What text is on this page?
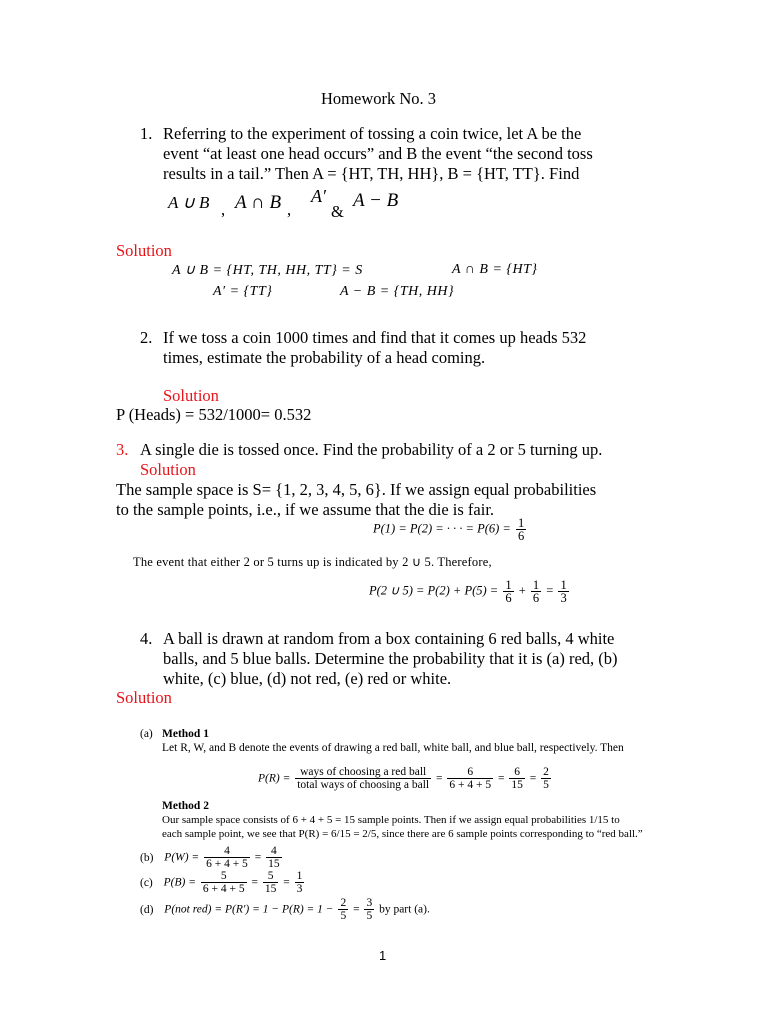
Homework No. 3
1. Referring to the experiment of tossing a coin twice, let A be the
event “at least one head occurs” and B the event “the second toss
results in a tail.” Then A = {HT, TH, HH}, B = {HT, TT}. Find
A ∪ B , A ∩ B ,
A′
&
A − B
Solution
A ∪ B = {HT, TH, HH, TT} = S	A ∩ B = {HT}
A′ = {TT}	A − B = {TH, HH}
2. If we toss a coin 1000 times and find that it comes up heads 532
times, estimate the probability of a head coming.
Solution
P (Heads) = 532/1000= 0.532
3. A single die is tossed once. Find the probability of a 2 or 5 turning up.
Solution
The sample space is S= {1, 2, 3, 4, 5, 6}. If we assign equal probabilities
to the sample points, i.e., if we assume that the die is fair.
P(1) = P(2) = · · · = $P(6) = \frac{1}{6}$
The event that either 2 or 5 turns up is indicated by 2 ∪ 5. Therefore,
P(2 ∪ $5) = P(2) + P(5) = \frac{1}{6} + \frac{1}{6} = \frac{1}{3}$
4. A ball is drawn at random from a box containing 6 red balls, 4 white
balls, and 5 blue balls. Determine the probability that it is (a) red, (b)
white, (c) blue, (d) not red, (e) red or white.
Solution
(a) Method 1
Let R, W, and B denote the events of drawing a red ball, white ball, and blue ball, respectively. Then
$P(R) = \frac{\text{ways of choosing a red ball}}{\text{total ways of choosing a ball}} = \frac{6}{6 + 4 + 5} = \frac{6}{15} = \frac{2}{5}$
Method 2
Our sample space consists of 6 + 4 + 5 = 15 sample points. Then if we assign equal probabilities 1/15 to
each sample point, we see that P(R) = 6/15 = 2/5, since there are 6 sample points corresponding to “red ball.”
(b) $P(W) = \frac{4}{6 + 4 + 5} = \frac{4}{15}$
(c) $P(B) = \frac{5}{6 + 4 + 5} = \frac{5}{15} = \frac{1}{3}$
(d) P(not $red) = P(R') = 1 - P(R) = 1 - \frac{2}{5} = \frac{3}{5}$ by part (a).
1
